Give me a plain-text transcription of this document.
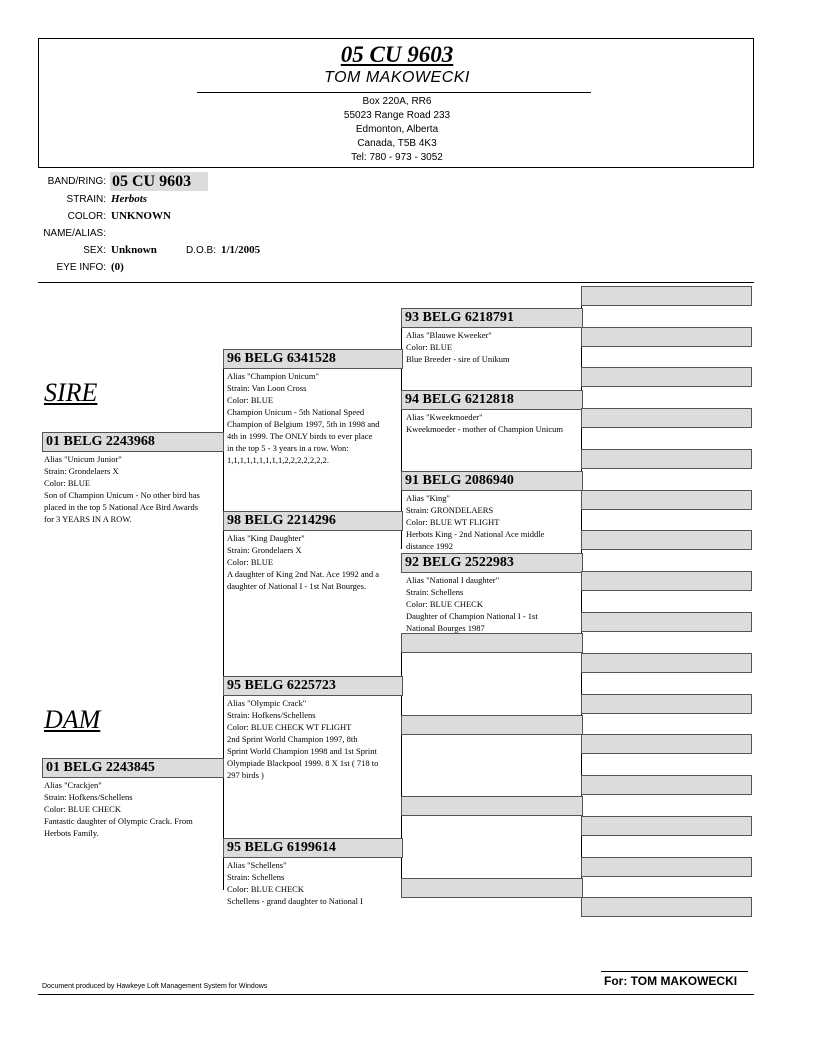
05 CU 9603
TOM MAKOWECKI
Box 220A, RR6
55023 Range Road 233
Edmonton, Alberta
Canada, T5B 4K3
Tel: 780 - 973 - 3052
BAND/RING: 05 CU 9603
STRAIN: Herbots
COLOR: UNKNOWN
NAME/ALIAS:
SEX: Unknown	D.O.B: 1/1/2005
EYE INFO: (0)
SIRE
DAM
01 BELG 2243968
Alias "Unicum Junior"
Strain: Grondelaers X
Color: BLUE
Son of Champion Unicum - No other bird has
placed in the top 5 National Ace Bird Awards
for 3 YEARS IN A ROW.
01 BELG 2243845
Alias "Crackjen"
Strain: Hofkens/Schellens
Color: BLUE CHECK
Fantastic daughter of Olympic Crack. From
Herbots Family.
96 BELG 6341528
Alias "Champion Unicum"
Strain: Van Loon Cross
Color: BLUE
Champion Unicum - 5th National Speed
Champion of Belgium 1997, 5th in 1998 and
4th in 1999. The ONLY birds to ever place
in the top 5 - 3 years in a row. Won:
1,1,1,1,1,1,1,1,1,2,2,2,2,2,2,2.
98 BELG 2214296
Alias "King Daughter"
Strain: Grondelaers X
Color: BLUE
A daughter of King 2nd Nat. Ace 1992 and a
daughter of National I - 1st Nat Bourges.
95 BELG 6225723
Alias "Olympic Crack"
Strain: Hofkens/Schellens
Color: BLUE CHECK WT FLIGHT
2nd Sprint World Champion 1997, 8th
Sprint World Champion 1998 and 1st Sprint
Olympiade Blackpool 1999. 8 X 1st ( 718 to
297 birds )
95 BELG 6199614
Alias "Schellens"
Strain: Schellens
Color: BLUE CHECK
Schellens - grand daughter to National I
93 BELG 6218791
Alias "Blauwe Kweeker"
Color: BLUE
Blue Breeder - sire of Unikum
94 BELG 6212818
Alias "Kweekmoeder"
Kweekmoeder - mother of Champion Unicum
91 BELG 2086940
Alias "King"
Strain: GRONDELAERS
Color: BLUE WT FLIGHT
Herbots King - 2nd National Ace middle
distance 1992
92 BELG 2522983
Alias "National I daughter"
Strain: Schellens
Color: BLUE CHECK
Daughter of Champion National I - 1st
National Bourges 1987
For: TOM MAKOWECKI
Document produced by Hawkeye Loft Management System for Windows
